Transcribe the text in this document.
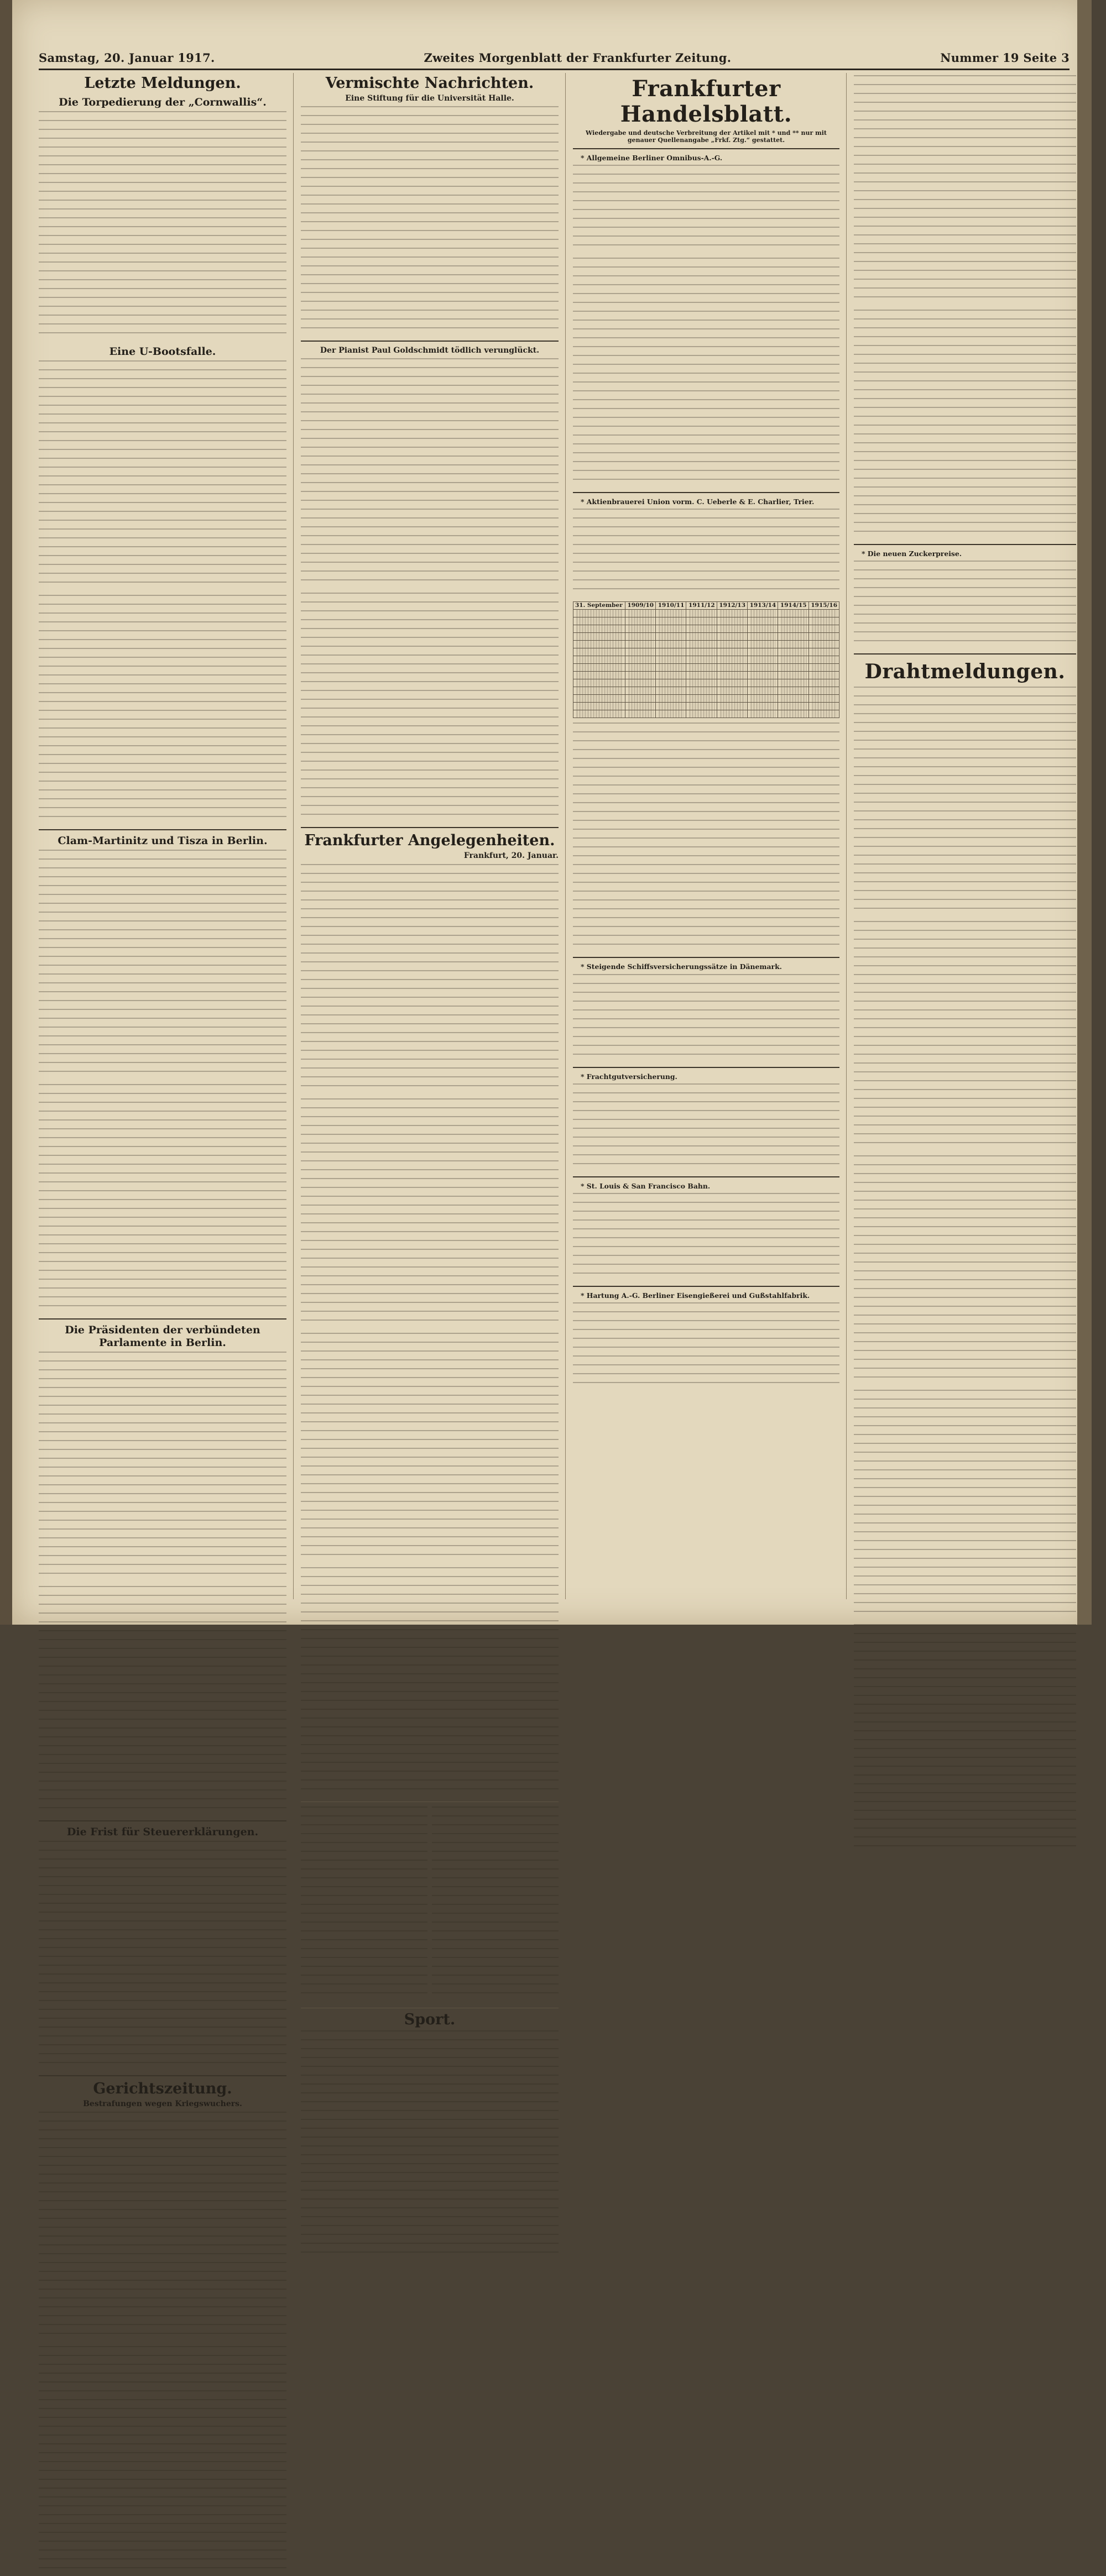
Samstag, 20. Januar 1917.	Zweites Morgenblatt der Frankfurter Zeitung.	Nummer 19 Seite 3
Letzte Meldungen.
Die Torpedierung der „Cornwallis“.

Eine U-Bootsfalle.

Clam-Martinitz und Tisza in Berlin.

Die Präsidenten der verbündeten Parlamente in Berlin.

Die Frist für Steuererklärungen.

Gerichtszeitung.
Bestrafungen wegen Kriegswuchers.

Vermischte Nachrichten.
Eine Stiftung für die Universität Halle.

Der Pianist Paul Goldschmidt tödlich verunglückt.

Frankfurter Angelegenheiten.
Frankfurt, 20. Januar.

Sport.

Frankfurter Handelsblatt.
Wiedergabe und deutsche Verbreitung der Artikel mit * und ** nur mit genauer Quellenangabe „Frkf. Ztg.“ gestattet.

* Allgemeine Berliner Omnibus-A.-G.

* Aktienbrauerei Union vorm. C. Ueberle & E. Charlier, Trier.

31. September	1909/10	1910/11	1911/12	1912/13	1913/14	1914/15	1915/16

* Steigende Schiffsversicherungssätze in Dänemark.

* Frachtgutversicherung.

* St. Louis & San Francisco Bahn.

* Hartung A.-G. Berliner Eisengießerei und Gußstahlfabrik.

* Die neuen Zuckerpreise.

Drahtmeldungen.
